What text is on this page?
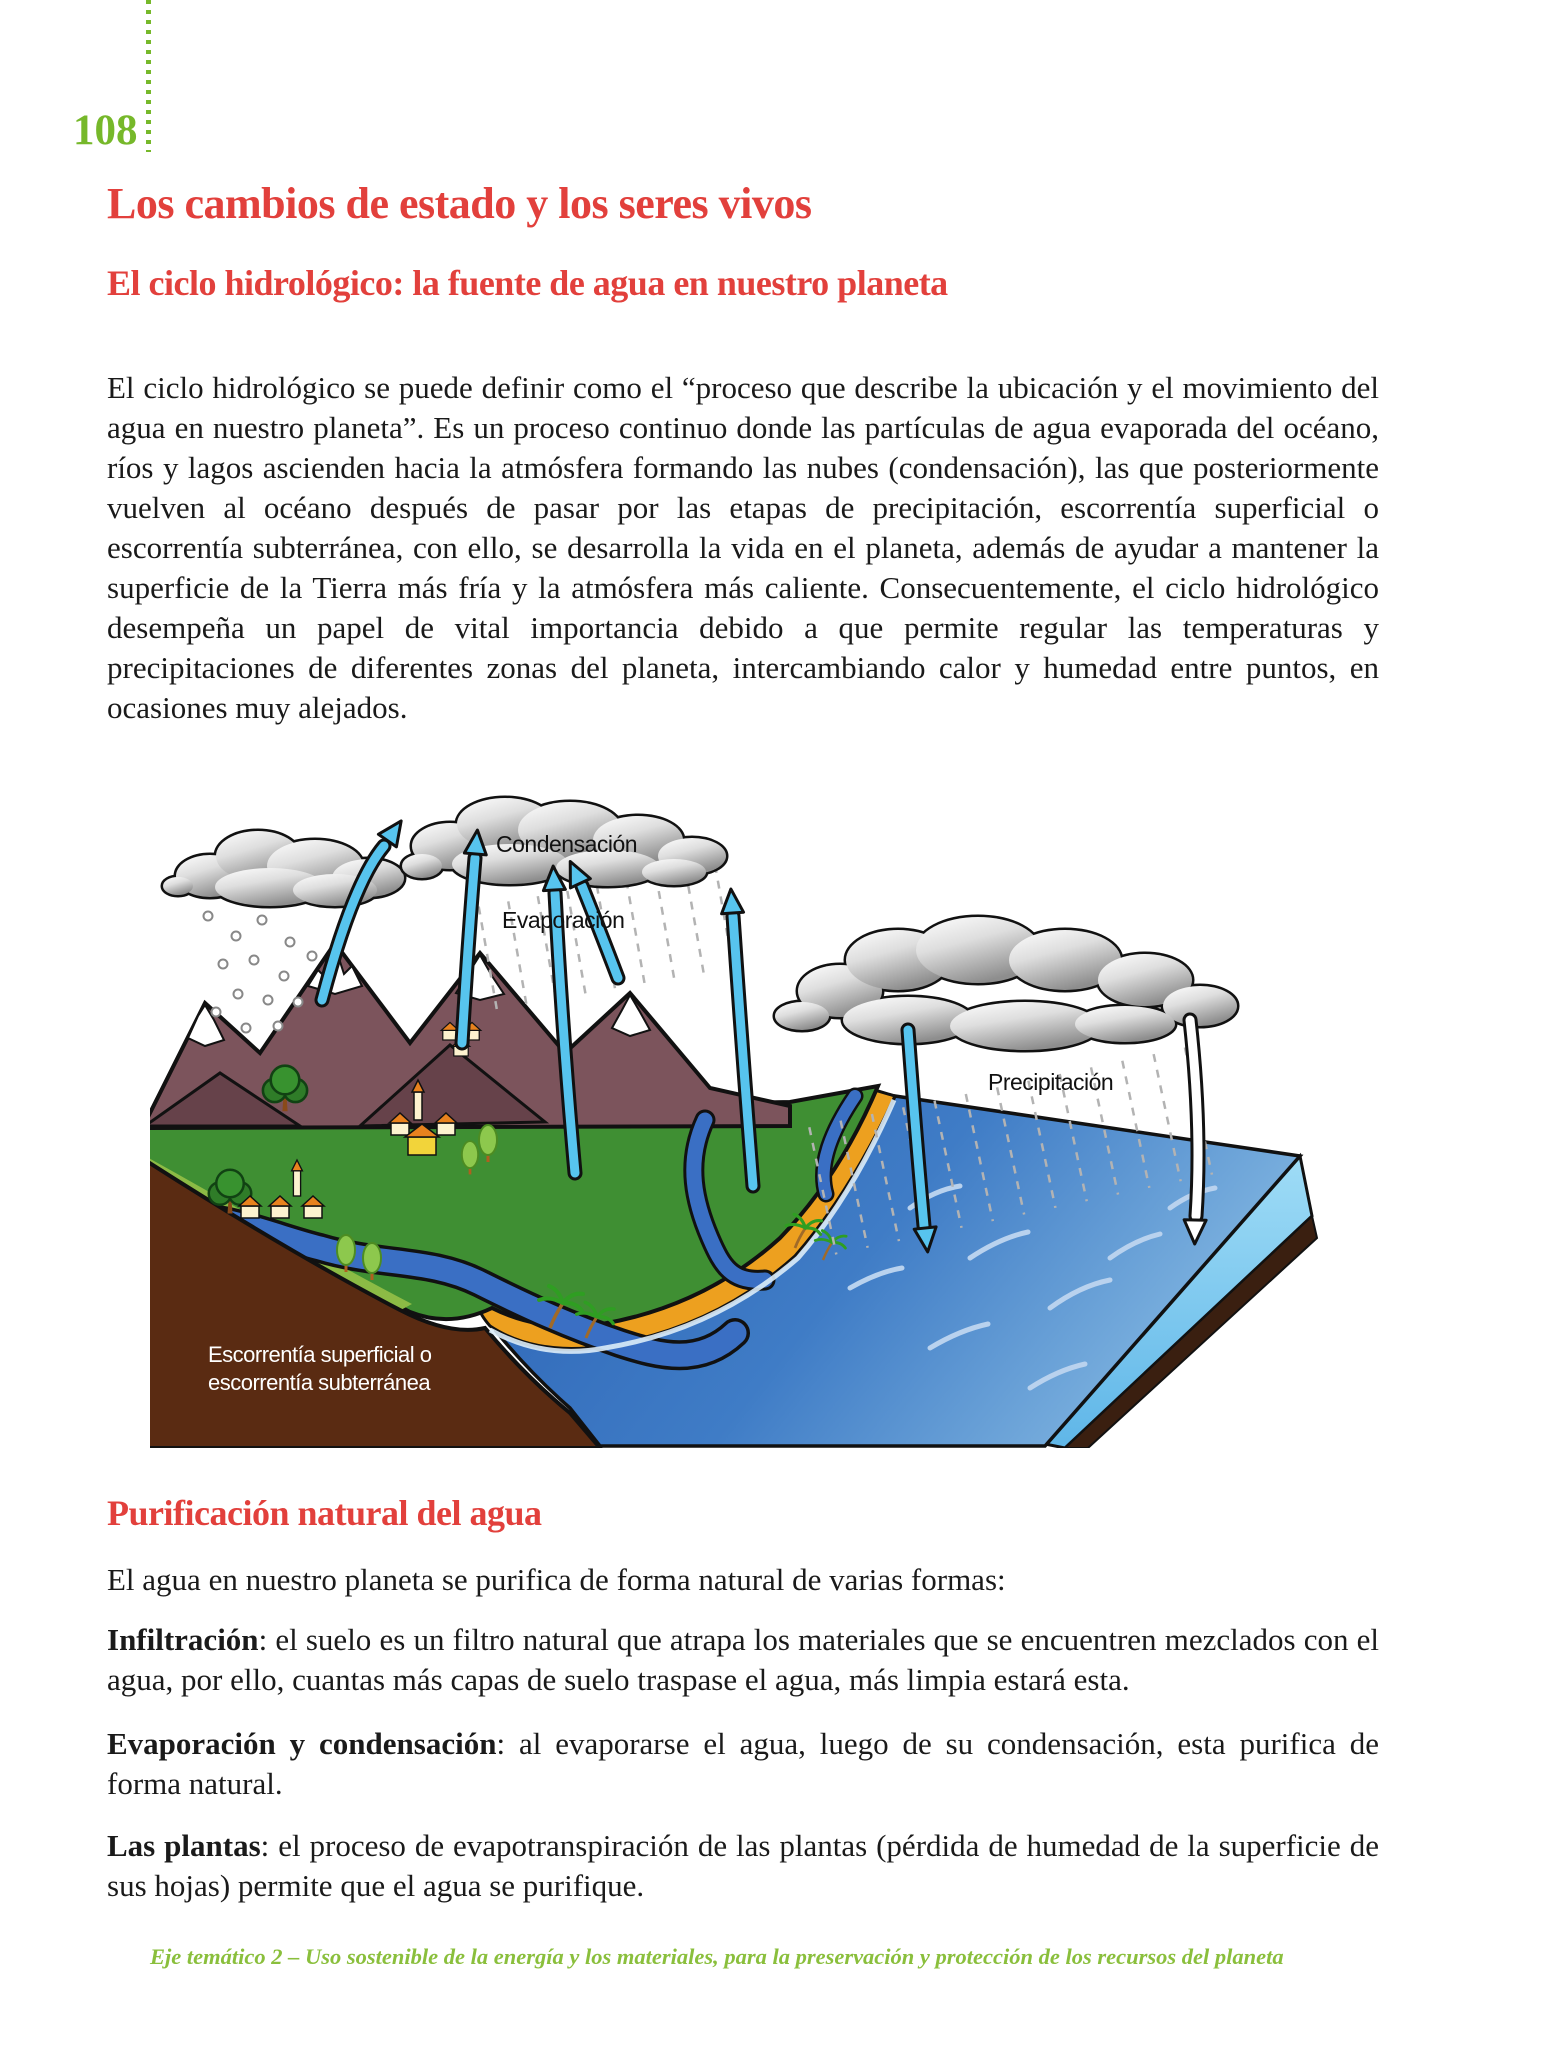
108
Los cambios de estado y los seres vivos
El ciclo hidrológico: la fuente de agua en nuestro planeta

El ciclo hidrológico se puede definir como el “proceso que describe la ubicación y el movimiento del agua en nuestro planeta”. Es un proceso continuo donde las partículas de agua evaporada del océano, ríos y lagos ascienden hacia la atmósfera formando las nubes (condensación), las que posteriormente vuelven al océano después de pasar por las etapas de precipitación, escorrentía superficial o escorrentía subterránea, con ello, se desarrolla la vida en el planeta, además de ayudar a mantener la superficie de la Tierra más fría y la atmósfera más caliente. Consecuentemente, el ciclo hidrológico desempeña un papel de vital importancia debido a que permite regular las temperaturas y precipitaciones de diferentes zonas del planeta, intercambiando calor y humedad entre puntos, en ocasiones muy alejados.

Condensación
Evaporación
Precipitación
Escorrentía superficial o
escorrentía subterránea
Purificación natural del agua

El agua en nuestro planeta se purifica de forma natural de varias formas:

Infiltración: el suelo es un filtro natural que atrapa los materiales que se encuentren mezclados con el agua, por ello, cuantas más capas de suelo traspase el agua, más limpia estará esta.

Evaporación y condensación: al evaporarse el agua, luego de su condensación, esta purifica de forma natural.

Las plantas: el proceso de evapotranspiración de las plantas (pérdida de humedad de la superficie de sus hojas) permite que el agua se purifique.

Eje temático 2 – Uso sostenible de la energía y los materiales, para la preservación y protección de los recursos del planeta
